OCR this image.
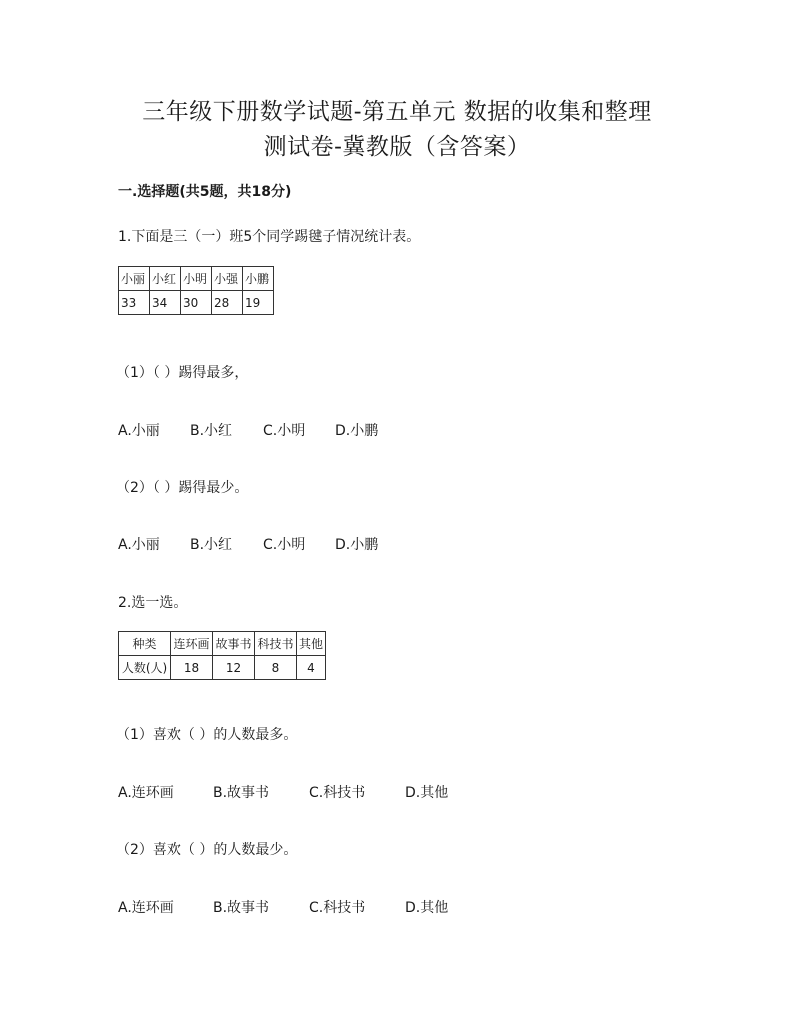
三年级下册数学试题-第五单元 数据的收集和整理
测试卷-冀教版（含答案）
一.选择题(共5题，共18分)
1.下面是三（一）班5个同学踢毽子情况统计表。
小丽	小红	小明	小强	小鹏
33	34	30	28	19
（1）（ ）踢得最多，
A.小丽 B.小红 C.小明 D.小鹏
（2）（ ）踢得最少。
A.小丽 B.小红 C.小明 D.小鹏
2.选一选。
种类	连环画	故事书	科技书	其他
人数(人)	18	12	8	4
（1）喜欢（ ）的人数最多。
A.连环画	B.故事书	C.科技书	D.其他
（2）喜欢（ ）的人数最少。
A.连环画	B.故事书	C.科技书	D.其他
